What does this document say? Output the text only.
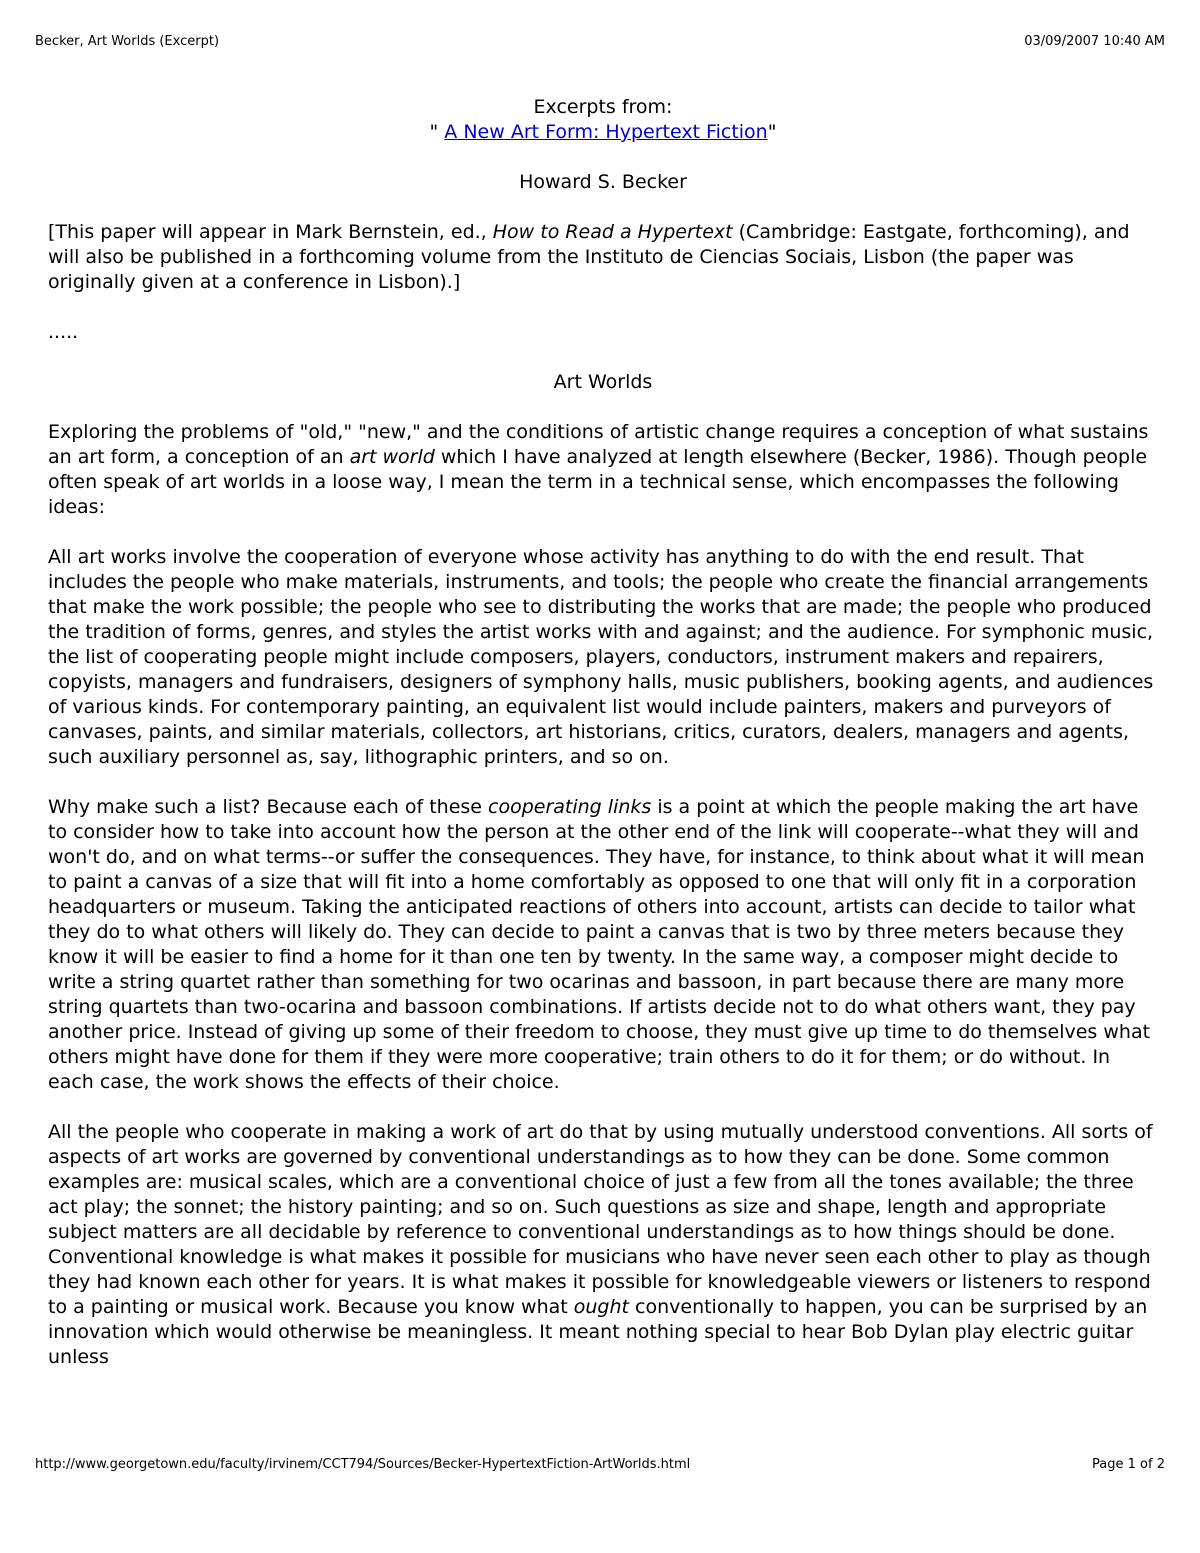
Becker, Art Worlds (Excerpt)	03/09/2007 10:40 AM
Excerpts from:
" A New Art Form: Hypertext Fiction"

Howard S. Becker

[This paper will appear in Mark Bernstein, ed., How to Read a Hypertext (Cambridge: Eastgate, forthcoming), and will also be published in a forthcoming volume from the Instituto de Ciencias Sociais, Lisbon (the paper was originally given at a conference in Lisbon).]

.....

Art Worlds

Exploring the problems of "old," "new," and the conditions of artistic change requires a conception of what sustains an art form, a conception of an art world which I have analyzed at length elsewhere (Becker, 1986). Though people often speak of art worlds in a loose way, I mean the term in a technical sense, which encompasses the following ideas:

All art works involve the cooperation of everyone whose activity has anything to do with the end result. That includes the people who make materials, instruments, and tools; the people who create the financial arrangements that make the work possible; the people who see to distributing the works that are made; the people who produced the tradition of forms, genres, and styles the artist works with and against; and the audience. For symphonic music, the list of cooperating people might include composers, players, conductors, instrument makers and repairers, copyists, managers and fundraisers, designers of symphony halls, music publishers, booking agents, and audiences of various kinds. For contemporary painting, an equivalent list would include painters, makers and purveyors of canvases, paints, and similar materials, collectors, art historians, critics, curators, dealers, managers and agents, such auxiliary personnel as, say, lithographic printers, and so on.

Why make such a list? Because each of these cooperating links is a point at which the people making the art have to consider how to take into account how the person at the other end of the link will cooperate--what they will and won't do, and on what terms--or suffer the consequences. They have, for instance, to think about what it will mean to paint a canvas of a size that will fit into a home comfortably as opposed to one that will only fit in a corporation headquarters or museum. Taking the anticipated reactions of others into account, artists can decide to tailor what they do to what others will likely do. They can decide to paint a canvas that is two by three meters because they know it will be easier to find a home for it than one ten by twenty. In the same way, a composer might decide to write a string quartet rather than something for two ocarinas and bassoon, in part because there are many more string quartets than two-ocarina and bassoon combinations. If artists decide not to do what others want, they pay another price. Instead of giving up some of their freedom to choose, they must give up time to do themselves what others might have done for them if they were more cooperative; train others to do it for them; or do without. In each case, the work shows the effects of their choice.

All the people who cooperate in making a work of art do that by using mutually understood conventions. All sorts of aspects of art works are governed by conventional understandings as to how they can be done. Some common examples are: musical scales, which are a conventional choice of just a few from all the tones available; the three act play; the sonnet; the history painting; and so on. Such questions as size and shape, length and appropriate subject matters are all decidable by reference to conventional understandings as to how things should be done. Conventional knowledge is what makes it possible for musicians who have never seen each other to play as though they had known each other for years. It is what makes it possible for knowledgeable viewers or listeners to respond to a painting or musical work. Because you know what ought conventionally to happen, you can be surprised by an innovation which would otherwise be meaningless. It meant nothing special to hear Bob Dylan play electric guitar unless

http://www.georgetown.edu/faculty/irvinem/CCT794/Sources/Becker-HypertextFiction-ArtWorlds.html	Page 1 of 2
